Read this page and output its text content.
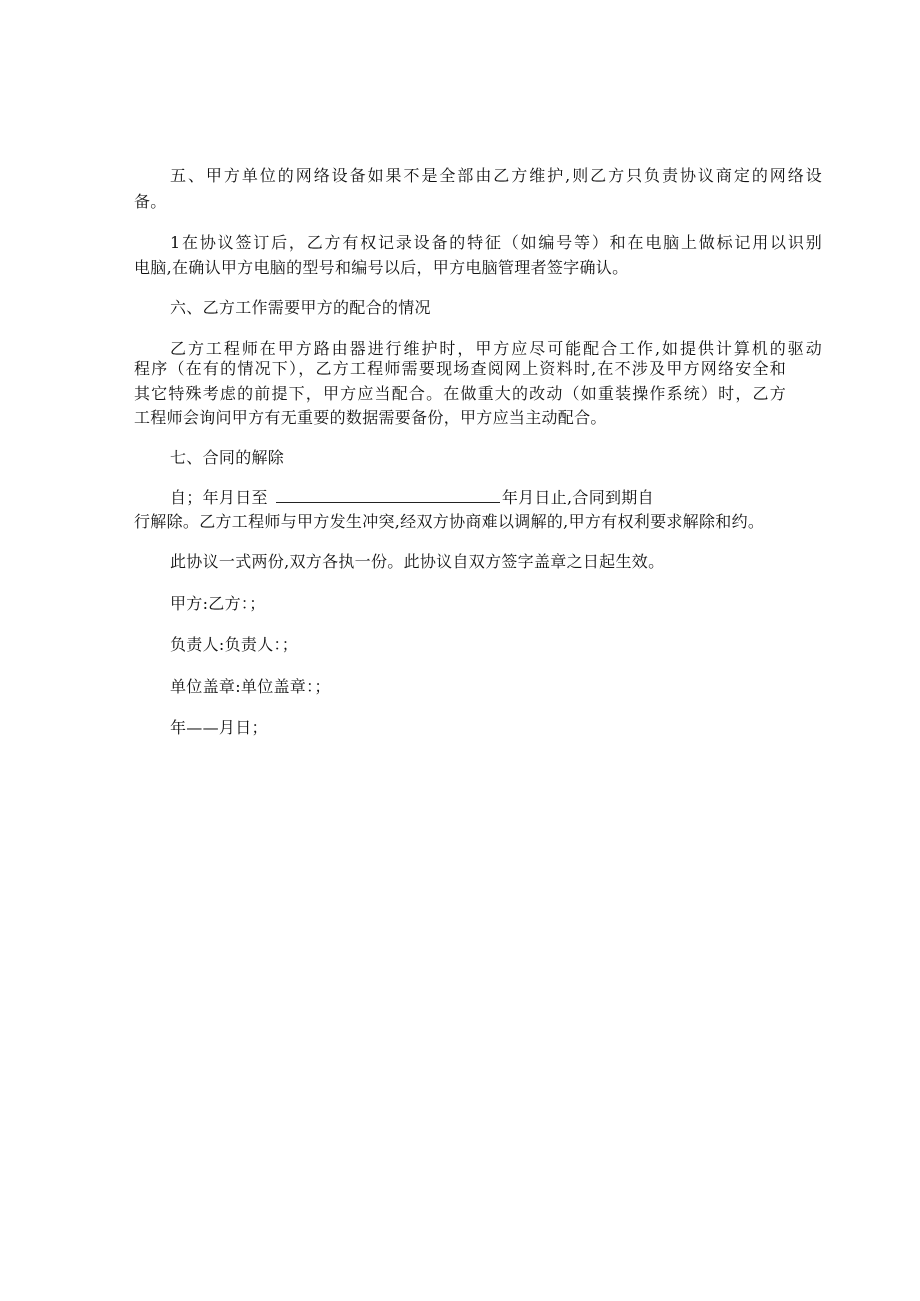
五、甲方单位的网络设备如果不是全部由乙方维护,则乙方只负责协议商定的网络设
备。
1在协议签订后，乙方有权记录设备的特征（如编号等）和在电脑上做标记用以识别
电脑,在确认甲方电脑的型号和编号以后，甲方电脑管理者签字确认。
六、乙方工作需要甲方的配合的情况
乙方工程师在甲方路由器进行维护时，甲方应尽可能配合工作,如提供计算机的驱动
程序（在有的情况下），乙方工程师需要现场查阅网上资料时,在不涉及甲方网络安全和
其它特殊考虑的前提下，甲方应当配合。在做重大的改动（如重装操作系统）时，乙方
工程师会询问甲方有无重要的数据需要备份，甲方应当主动配合。
七、合同的解除
自；年月日至	年月日止,合同到期自
行解除。乙方工程师与甲方发生冲突,经双方协商难以调解的,甲方有权利要求解除和约。
此协议一式两份,双方各执一份。此协议自双方签字盖章之日起生效。
甲方:乙方：；
负责人:负责人：；
单位盖章:单位盖章：；
年——月日；
